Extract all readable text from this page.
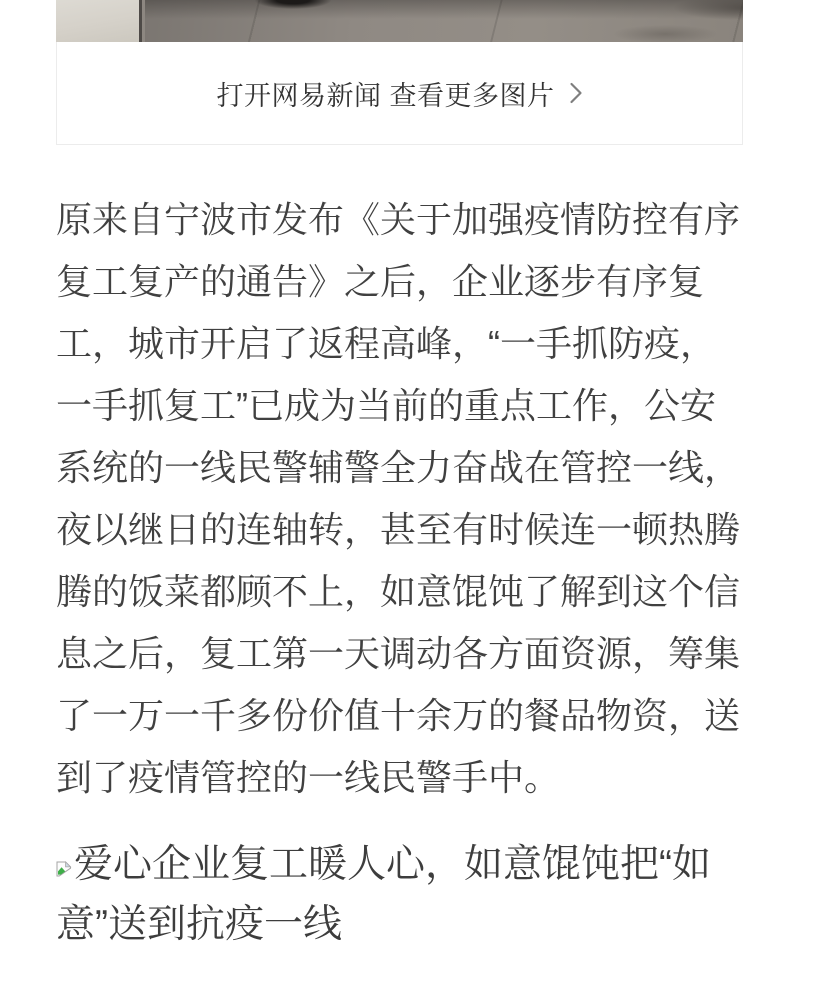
打开网易新闻 查看更多图片

原来自宁波市发布《关于加强疫情防控有序复工复产的通告》之后，企业逐步有序复工，城市开启了返程高峰，“一手抓防疫，一手抓复工”已成为当前的重点工作，公安系统的一线民警辅警全力奋战在管控一线，夜以继日的连轴转，甚至有时候连一顿热腾腾的饭菜都顾不上，如意馄饨了解到这个信息之后，复工第一天调动各方面资源，筹集了一万一千多份价值十余万的餐品物资，送到了疫情管控的一线民警手中。

爱心企业复工暖人心，如意馄饨把“如意”送到抗疫一线
